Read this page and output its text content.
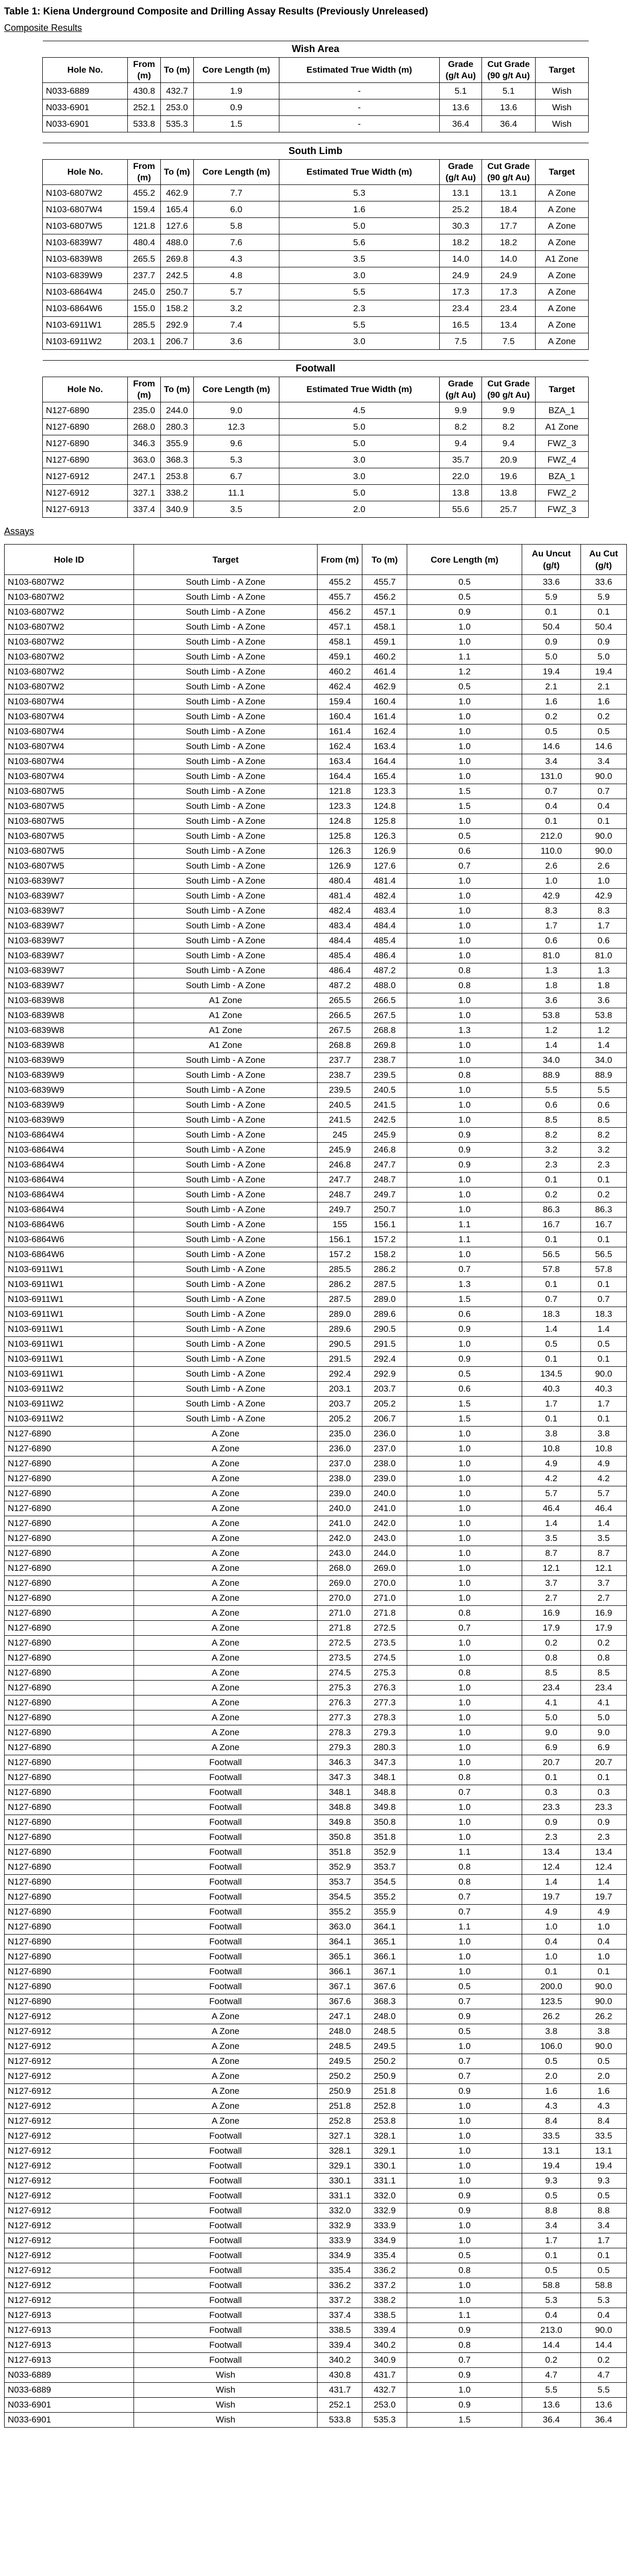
Table 1: Kiena Underground Composite and Drilling Assay Results (Previously Unreleased)
Composite Results
Wish Area							
Hole No.	From (m)	To (m)	Core Length (m)	Estimated True Width (m)	Grade (g/t Au)	Cut Grade (90 g/t Au)	Target
N033-6889	430.8	432.7	1.9	-	5.1	5.1	Wish
N033-6901	252.1	253.0	0.9	-	13.6	13.6	Wish
N033-6901	533.8	535.3	1.5	-	36.4	36.4	Wish

South Limb							
Hole No.	From (m)	To (m)	Core Length (m)	Estimated True Width (m)	Grade (g/t Au)	Cut Grade (90 g/t Au)	Target
N103-6807W2	455.2	462.9	7.7	5.3	13.1	13.1	A Zone
N103-6807W4	159.4	165.4	6.0	1.6	25.2	18.4	A Zone
N103-6807W5	121.8	127.6	5.8	5.0	30.3	17.7	A Zone
N103-6839W7	480.4	488.0	7.6	5.6	18.2	18.2	A Zone
N103-6839W8	265.5	269.8	4.3	3.5	14.0	14.0	A1 Zone
N103-6839W9	237.7	242.5	4.8	3.0	24.9	24.9	A Zone
N103-6864W4	245.0	250.7	5.7	5.5	17.3	17.3	A Zone
N103-6864W6	155.0	158.2	3.2	2.3	23.4	23.4	A Zone
N103-6911W1	285.5	292.9	7.4	5.5	16.5	13.4	A Zone
N103-6911W2	203.1	206.7	3.6	3.0	7.5	7.5	A Zone

Footwall							
Hole No.	From (m)	To (m)	Core Length (m)	Estimated True Width (m)	Grade (g/t Au)	Cut Grade (90 g/t Au)	Target
N127-6890	235.0	244.0	9.0	4.5	9.9	9.9	BZA_1
N127-6890	268.0	280.3	12.3	5.0	8.2	8.2	A1 Zone
N127-6890	346.3	355.9	9.6	5.0	9.4	9.4	FWZ_3
N127-6890	363.0	368.3	5.3	3.0	35.7	20.9	FWZ_4
N127-6912	247.1	253.8	6.7	3.0	22.0	19.6	BZA_1
N127-6912	327.1	338.2	11.1	5.0	13.8	13.8	FWZ_2
N127-6913	337.4	340.9	3.5	2.0	55.6	25.7	FWZ_3
Assays
Hole ID	Target	From (m)	To (m)	Core Length (m)	Au Uncut (g/t)	Au Cut (g/t)
N103-6807W2	South Limb - A Zone	455.2	455.7	0.5	33.6	33.6
N103-6807W2	South Limb - A Zone	455.7	456.2	0.5	5.9	5.9
N103-6807W2	South Limb - A Zone	456.2	457.1	0.9	0.1	0.1
N103-6807W2	South Limb - A Zone	457.1	458.1	1.0	50.4	50.4
N103-6807W2	South Limb - A Zone	458.1	459.1	1.0	0.9	0.9
N103-6807W2	South Limb - A Zone	459.1	460.2	1.1	5.0	5.0
N103-6807W2	South Limb - A Zone	460.2	461.4	1.2	19.4	19.4
N103-6807W2	South Limb - A Zone	462.4	462.9	0.5	2.1	2.1
N103-6807W4	South Limb - A Zone	159.4	160.4	1.0	1.6	1.6
N103-6807W4	South Limb - A Zone	160.4	161.4	1.0	0.2	0.2
N103-6807W4	South Limb - A Zone	161.4	162.4	1.0	0.5	0.5
N103-6807W4	South Limb - A Zone	162.4	163.4	1.0	14.6	14.6
N103-6807W4	South Limb - A Zone	163.4	164.4	1.0	3.4	3.4
N103-6807W4	South Limb - A Zone	164.4	165.4	1.0	131.0	90.0
N103-6807W5	South Limb - A Zone	121.8	123.3	1.5	0.7	0.7
N103-6807W5	South Limb - A Zone	123.3	124.8	1.5	0.4	0.4
N103-6807W5	South Limb - A Zone	124.8	125.8	1.0	0.1	0.1
N103-6807W5	South Limb - A Zone	125.8	126.3	0.5	212.0	90.0
N103-6807W5	South Limb - A Zone	126.3	126.9	0.6	110.0	90.0
N103-6807W5	South Limb - A Zone	126.9	127.6	0.7	2.6	2.6
N103-6839W7	South Limb - A Zone	480.4	481.4	1.0	1.0	1.0
N103-6839W7	South Limb - A Zone	481.4	482.4	1.0	42.9	42.9
N103-6839W7	South Limb - A Zone	482.4	483.4	1.0	8.3	8.3
N103-6839W7	South Limb - A Zone	483.4	484.4	1.0	1.7	1.7
N103-6839W7	South Limb - A Zone	484.4	485.4	1.0	0.6	0.6
N103-6839W7	South Limb - A Zone	485.4	486.4	1.0	81.0	81.0
N103-6839W7	South Limb - A Zone	486.4	487.2	0.8	1.3	1.3
N103-6839W7	South Limb - A Zone	487.2	488.0	0.8	1.8	1.8
N103-6839W8	A1 Zone	265.5	266.5	1.0	3.6	3.6
N103-6839W8	A1 Zone	266.5	267.5	1.0	53.8	53.8
N103-6839W8	A1 Zone	267.5	268.8	1.3	1.2	1.2
N103-6839W8	A1 Zone	268.8	269.8	1.0	1.4	1.4
N103-6839W9	South Limb - A Zone	237.7	238.7	1.0	34.0	34.0
N103-6839W9	South Limb - A Zone	238.7	239.5	0.8	88.9	88.9
N103-6839W9	South Limb - A Zone	239.5	240.5	1.0	5.5	5.5
N103-6839W9	South Limb - A Zone	240.5	241.5	1.0	0.6	0.6
N103-6839W9	South Limb - A Zone	241.5	242.5	1.0	8.5	8.5
N103-6864W4	South Limb - A Zone	245	245.9	0.9	8.2	8.2
N103-6864W4	South Limb - A Zone	245.9	246.8	0.9	3.2	3.2
N103-6864W4	South Limb - A Zone	246.8	247.7	0.9	2.3	2.3
N103-6864W4	South Limb - A Zone	247.7	248.7	1.0	0.1	0.1
N103-6864W4	South Limb - A Zone	248.7	249.7	1.0	0.2	0.2
N103-6864W4	South Limb - A Zone	249.7	250.7	1.0	86.3	86.3
N103-6864W6	South Limb - A Zone	155	156.1	1.1	16.7	16.7
N103-6864W6	South Limb - A Zone	156.1	157.2	1.1	0.1	0.1
N103-6864W6	South Limb - A Zone	157.2	158.2	1.0	56.5	56.5
N103-6911W1	South Limb - A Zone	285.5	286.2	0.7	57.8	57.8
N103-6911W1	South Limb - A Zone	286.2	287.5	1.3	0.1	0.1
N103-6911W1	South Limb - A Zone	287.5	289.0	1.5	0.7	0.7
N103-6911W1	South Limb - A Zone	289.0	289.6	0.6	18.3	18.3
N103-6911W1	South Limb - A Zone	289.6	290.5	0.9	1.4	1.4
N103-6911W1	South Limb - A Zone	290.5	291.5	1.0	0.5	0.5
N103-6911W1	South Limb - A Zone	291.5	292.4	0.9	0.1	0.1
N103-6911W1	South Limb - A Zone	292.4	292.9	0.5	134.5	90.0
N103-6911W2	South Limb - A Zone	203.1	203.7	0.6	40.3	40.3
N103-6911W2	South Limb - A Zone	203.7	205.2	1.5	1.7	1.7
N103-6911W2	South Limb - A Zone	205.2	206.7	1.5	0.1	0.1
N127-6890	A Zone	235.0	236.0	1.0	3.8	3.8
N127-6890	A Zone	236.0	237.0	1.0	10.8	10.8
N127-6890	A Zone	237.0	238.0	1.0	4.9	4.9
N127-6890	A Zone	238.0	239.0	1.0	4.2	4.2
N127-6890	A Zone	239.0	240.0	1.0	5.7	5.7
N127-6890	A Zone	240.0	241.0	1.0	46.4	46.4
N127-6890	A Zone	241.0	242.0	1.0	1.4	1.4
N127-6890	A Zone	242.0	243.0	1.0	3.5	3.5
N127-6890	A Zone	243.0	244.0	1.0	8.7	8.7
N127-6890	A Zone	268.0	269.0	1.0	12.1	12.1
N127-6890	A Zone	269.0	270.0	1.0	3.7	3.7
N127-6890	A Zone	270.0	271.0	1.0	2.7	2.7
N127-6890	A Zone	271.0	271.8	0.8	16.9	16.9
N127-6890	A Zone	271.8	272.5	0.7	17.9	17.9
N127-6890	A Zone	272.5	273.5	1.0	0.2	0.2
N127-6890	A Zone	273.5	274.5	1.0	0.8	0.8
N127-6890	A Zone	274.5	275.3	0.8	8.5	8.5
N127-6890	A Zone	275.3	276.3	1.0	23.4	23.4
N127-6890	A Zone	276.3	277.3	1.0	4.1	4.1
N127-6890	A Zone	277.3	278.3	1.0	5.0	5.0
N127-6890	A Zone	278.3	279.3	1.0	9.0	9.0
N127-6890	A Zone	279.3	280.3	1.0	6.9	6.9
N127-6890	Footwall	346.3	347.3	1.0	20.7	20.7
N127-6890	Footwall	347.3	348.1	0.8	0.1	0.1
N127-6890	Footwall	348.1	348.8	0.7	0.3	0.3
N127-6890	Footwall	348.8	349.8	1.0	23.3	23.3
N127-6890	Footwall	349.8	350.8	1.0	0.9	0.9
N127-6890	Footwall	350.8	351.8	1.0	2.3	2.3
N127-6890	Footwall	351.8	352.9	1.1	13.4	13.4
N127-6890	Footwall	352.9	353.7	0.8	12.4	12.4
N127-6890	Footwall	353.7	354.5	0.8	1.4	1.4
N127-6890	Footwall	354.5	355.2	0.7	19.7	19.7
N127-6890	Footwall	355.2	355.9	0.7	4.9	4.9
N127-6890	Footwall	363.0	364.1	1.1	1.0	1.0
N127-6890	Footwall	364.1	365.1	1.0	0.4	0.4
N127-6890	Footwall	365.1	366.1	1.0	1.0	1.0
N127-6890	Footwall	366.1	367.1	1.0	0.1	0.1
N127-6890	Footwall	367.1	367.6	0.5	200.0	90.0
N127-6890	Footwall	367.6	368.3	0.7	123.5	90.0
N127-6912	A Zone	247.1	248.0	0.9	26.2	26.2
N127-6912	A Zone	248.0	248.5	0.5	3.8	3.8
N127-6912	A Zone	248.5	249.5	1.0	106.0	90.0
N127-6912	A Zone	249.5	250.2	0.7	0.5	0.5
N127-6912	A Zone	250.2	250.9	0.7	2.0	2.0
N127-6912	A Zone	250.9	251.8	0.9	1.6	1.6
N127-6912	A Zone	251.8	252.8	1.0	4.3	4.3
N127-6912	A Zone	252.8	253.8	1.0	8.4	8.4
N127-6912	Footwall	327.1	328.1	1.0	33.5	33.5
N127-6912	Footwall	328.1	329.1	1.0	13.1	13.1
N127-6912	Footwall	329.1	330.1	1.0	19.4	19.4
N127-6912	Footwall	330.1	331.1	1.0	9.3	9.3
N127-6912	Footwall	331.1	332.0	0.9	0.5	0.5
N127-6912	Footwall	332.0	332.9	0.9	8.8	8.8
N127-6912	Footwall	332.9	333.9	1.0	3.4	3.4
N127-6912	Footwall	333.9	334.9	1.0	1.7	1.7
N127-6912	Footwall	334.9	335.4	0.5	0.1	0.1
N127-6912	Footwall	335.4	336.2	0.8	0.5	0.5
N127-6912	Footwall	336.2	337.2	1.0	58.8	58.8
N127-6912	Footwall	337.2	338.2	1.0	5.3	5.3
N127-6913	Footwall	337.4	338.5	1.1	0.4	0.4
N127-6913	Footwall	338.5	339.4	0.9	213.0	90.0
N127-6913	Footwall	339.4	340.2	0.8	14.4	14.4
N127-6913	Footwall	340.2	340.9	0.7	0.2	0.2
N033-6889	Wish	430.8	431.7	0.9	4.7	4.7
N033-6889	Wish	431.7	432.7	1.0	5.5	5.5
N033-6901	Wish	252.1	253.0	0.9	13.6	13.6
N033-6901	Wish	533.8	535.3	1.5	36.4	36.4
